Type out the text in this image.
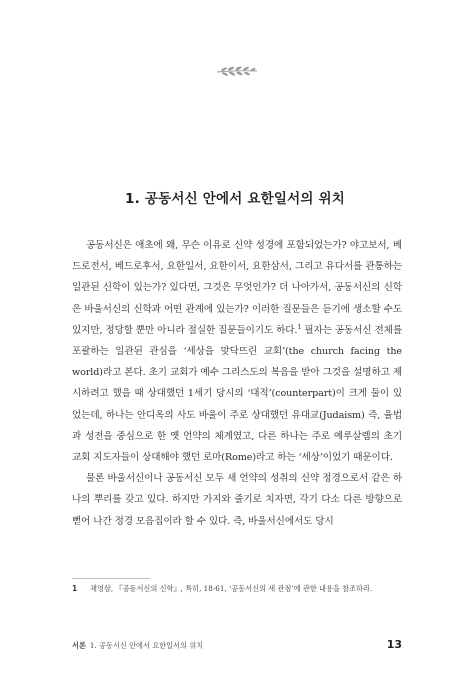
1. 공동서신 안에서 요한일서의 위치

공동서신은 애초에 왜, 무슨 이유로 신약 성경에 포함되었는가? 야고보서, 베드로전서, 베드로후서, 요한일서, 요한이서, 요한삼서, 그리고 유다서를 관통하는 일관된 신학이 있는가? 있다면, 그것은 무엇인가? 더 나아가서, 공동서신의 신학은 바울서신의 신학과 어떤 관계에 있는가? 이러한 질문들은 듣기에 생소할 수도 있지만, 정당할 뿐만 아니라 절실한 질문들이기도 하다.$^1$ 필자는 공동서신 전체를 포괄하는 일관된 관심을 ‘세상을 맞닥뜨린 교회’(the church facing the world)라고 본다. 초기 교회가 예수 그리스도의 복음을 받아 그것을 설명하고 제시하려고 했을 때 상대했던 1세기 당시의 ‘대적’(counterpart)이 크게 둘이 있었는데, 하나는 안디옥의 사도 바울이 주로 상대했던 유대교(Judaism) 즉, 율법과 성전을 중심으로 한 옛 언약의 체계였고, 다른 하나는 주로 예루살렘의 초기 교회 지도자들이 상대해야 했던 로마(Rome)라고 하는 ‘세상’이었기 때문이다.

물론 바울서신이나 공동서신 모두 새 언약의 성취의 신약 정경으로서 같은 하나의 뿌리를 갖고 있다. 하지만 가지와 줄기로 치자면, 각기 다소 다른 방향으로 뻗어 나간 정경 모음집이라 할 수 있다. 즉, 바울서신에서도 당시

1 채영삼, 『공동서신의 신학』, 특히, 18-61, ‘공동서신의 새 관점’에 관한 내용을 참조하라.
서론 1. 공동서신 안에서 요한일서의 위치	13
